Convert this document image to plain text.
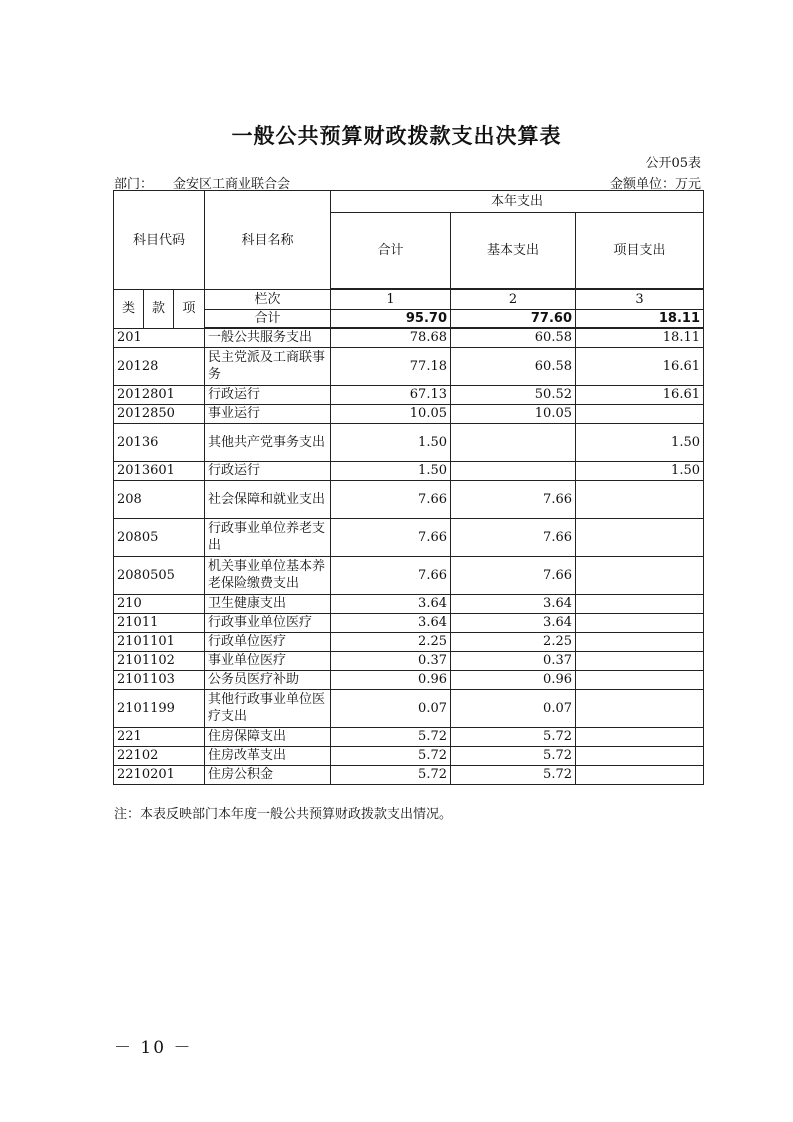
一般公共预算财政拨款支出决算表
公开05表
部门： 金安区工商业联合会	金额单位：万元
科目代码			科目名称	本年支出		
				合计	基本支出	项目支出

类	款	项	栏次	1	2	3
			合计	95.70	77.60	18.11
201			一般公共服务支出	78.68	60.58	18.11
20128			民主党派及工商联事务	77.18	60.58	16.61
2012801			行政运行	67.13	50.52	16.61
2012850			事业运行	10.05	10.05	
20136			其他共产党事务支出	1.50		1.50
2013601			行政运行	1.50		1.50
208			社会保障和就业支出	7.66	7.66	
20805			行政事业单位养老支出	7.66	7.66	
2080505			机关事业单位基本养老保险缴费支出	7.66	7.66	
210			卫生健康支出	3.64	3.64	
21011			行政事业单位医疗	3.64	3.64	
2101101			行政单位医疗	2.25	2.25	
2101102			事业单位医疗	0.37	0.37	
2101103			公务员医疗补助	0.96	0.96	
2101199			其他行政事业单位医疗支出	0.07	0.07	
221			住房保障支出	5.72	5.72	
22102			住房改革支出	5.72	5.72	
2210201			住房公积金	5.72	5.72	
注：本表反映部门本年度一般公共预算财政拨款支出情况。
－ 10 －
